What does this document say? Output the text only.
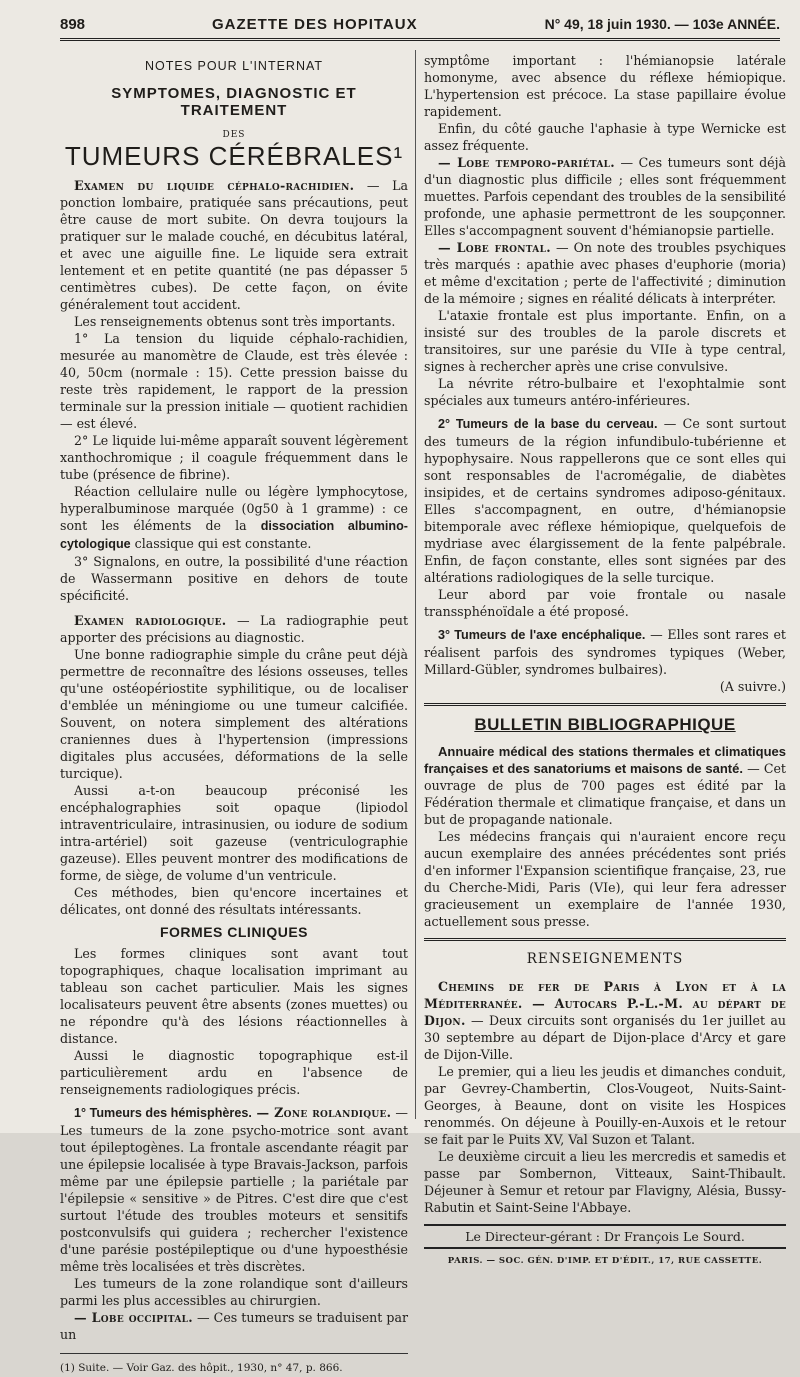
898	GAZETTE DES HOPITAUX	N° 49, 18 juin 1930. — 103e ANNÉE.
NOTES POUR L'INTERNAT
SYMPTOMES, DIAGNOSTIC ET TRAITEMENT
DES
TUMEURS CÉRÉBRALES¹

Examen du liquide céphalo-rachidien. — La ponction lombaire, pratiquée sans précautions, peut être cause de mort subite. On devra toujours la pratiquer sur le malade couché, en décubitus latéral, et avec une aiguille fine. Le liquide sera extrait lentement et en petite quantité (ne pas dépasser 5 centimètres cubes). De cette façon, on évite généralement tout accident.

Les renseignements obtenus sont très importants.

1° La tension du liquide céphalo-rachidien, mesurée au manomètre de Claude, est très élevée : 40, 50cm (normale : 15). Cette pression baisse du reste très rapidement, le rapport de la pression terminale sur la pression initiale — quotient rachidien — est élevé.

2° Le liquide lui-même apparaît souvent légèrement xanthochromique ; il coagule fréquemment dans le tube (présence de fibrine).

Réaction cellulaire nulle ou légère lymphocytose, hyperalbuminose marquée (0g50 à 1 gramme) : ce sont les éléments de la dissociation albumino-cytologique classique qui est constante.

3° Signalons, en outre, la possibilité d'une réaction de Wassermann positive en dehors de toute spécificité.

Examen radiologique. — La radiographie peut apporter des précisions au diagnostic.

Une bonne radiographie simple du crâne peut déjà permettre de reconnaître des lésions osseuses, telles qu'une ostéopériostite syphilitique, ou de localiser d'emblée un méningiome ou une tumeur calcifiée. Souvent, on notera simplement des altérations craniennes dues à l'hypertension (impressions digitales plus accusées, déformations de la selle turcique).

Aussi a-t-on beaucoup préconisé les encéphalographies soit opaque (lipiodol intraventriculaire, intrasinusien, ou iodure de sodium intra-artériel) soit gazeuse (ventriculographie gazeuse). Elles peuvent montrer des modifications de forme, de siège, de volume d'un ventricule.

Ces méthodes, bien qu'encore incertaines et délicates, ont donné des résultats intéressants.

FORMES CLINIQUES

Les formes cliniques sont avant tout topographiques, chaque localisation imprimant au tableau son cachet particulier. Mais les signes localisateurs peuvent être absents (zones muettes) ou ne répondre qu'à des lésions réactionnelles à distance.

Aussi le diagnostic topographique est-il particulièrement ardu en l'absence de renseignements radiologiques précis.

1° Tumeurs des hémisphères. — Zone rolandique. — Les tumeurs de la zone psycho-motrice sont avant tout épileptogènes. La frontale ascendante réagit par une épilepsie localisée à type Bravais-Jackson, parfois même par une épilepsie partielle ; la pariétale par l'épilepsie « sensitive » de Pitres. C'est dire que c'est surtout l'étude des troubles moteurs et sensitifs postconvulsifs qui guidera ; rechercher l'existence d'une parésie postépileptique ou d'une hypoesthésie même très localisées et très discrètes.

Les tumeurs de la zone rolandique sont d'ailleurs parmi les plus accessibles au chirurgien.

— Lobe occipital. — Ces tumeurs se traduisent par un

(1) Suite. — Voir Gaz. des hôpit., 1930, n° 47, p. 866.

symptôme important : l'hémianopsie latérale homonyme, avec absence du réflexe hémiopique. L'hypertension est précoce. La stase papillaire évolue rapidement.

Enfin, du côté gauche l'aphasie à type Wernicke est assez fréquente.

— Lobe temporo-pariétal. — Ces tumeurs sont déjà d'un diagnostic plus difficile ; elles sont fréquemment muettes. Parfois cependant des troubles de la sensibilité profonde, une aphasie permettront de les soupçonner. Elles s'accompagnent souvent d'hémianopsie partielle.

— Lobe frontal. — On note des troubles psychiques très marqués : apathie avec phases d'euphorie (moria) et même d'excitation ; perte de l'affectivité ; diminution de la mémoire ; signes en réalité délicats à interpréter.

L'ataxie frontale est plus importante. Enfin, on a insisté sur des troubles de la parole discrets et transitoires, sur une parésie du VIIe à type central, signes à rechercher après une crise convulsive.

La névrite rétro-bulbaire et l'exophtalmie sont spéciales aux tumeurs antéro-inférieures.

2° Tumeurs de la base du cerveau. — Ce sont surtout des tumeurs de la région infundibulo-tubérienne et hypophysaire. Nous rappellerons que ce sont elles qui sont responsables de l'acromégalie, de diabètes insipides, et de certains syndromes adiposo-génitaux. Elles s'accompagnent, en outre, d'hémianopsie bitemporale avec réflexe hémiopique, quelquefois de mydriase avec élargissement de la fente palpébrale. Enfin, de façon constante, elles sont signées par des altérations radiologiques de la selle turcique.

Leur abord par voie frontale ou nasale transsphénoïdale a été proposé.

3° Tumeurs de l'axe encéphalique. — Elles sont rares et réalisent parfois des syndromes typiques (Weber, Millard-Gübler, syndromes bulbaires).

(A suivre.)
BULLETIN BIBLIOGRAPHIQUE

Annuaire médical des stations thermales et climatiques françaises et des sanatoriums et maisons de santé. — Cet ouvrage de plus de 700 pages est édité par la Fédération thermale et climatique française, et dans un but de propagande nationale.

Les médecins français qui n'auraient encore reçu aucun exemplaire des années précédentes sont priés d'en informer l'Expansion scientifique française, 23, rue du Cherche-Midi, Paris (VIe), qui leur fera adresser gracieusement un exemplaire de l'année 1930, actuellement sous presse.

RENSEIGNEMENTS

Chemins de fer de Paris à Lyon et à la Méditerranée. — Autocars P.-L.-M. au départ de Dijon. — Deux circuits sont organisés du 1er juillet au 30 septembre au départ de Dijon-place d'Arcy et gare de Dijon-Ville.

Le premier, qui a lieu les jeudis et dimanches conduit, par Gevrey-Chambertin, Clos-Vougeot, Nuits-Saint-Georges, à Beaune, dont on visite les Hospices renommés. On déjeune à Pouilly-en-Auxois et le retour se fait par le Puits XV, Val Suzon et Talant.

Le deuxième circuit a lieu les mercredis et samedis et passe par Sombernon, Vitteaux, Saint-Thibault. Déjeuner à Semur et retour par Flavigny, Alésia, Bussy-Rabutin et Saint-Seine l'Abbaye.

Le Directeur-gérant : Dr François Le Sourd.
PARIS. — SOC. GÉN. D'IMP. ET D'ÉDIT., 17, RUE CASSETTE.
